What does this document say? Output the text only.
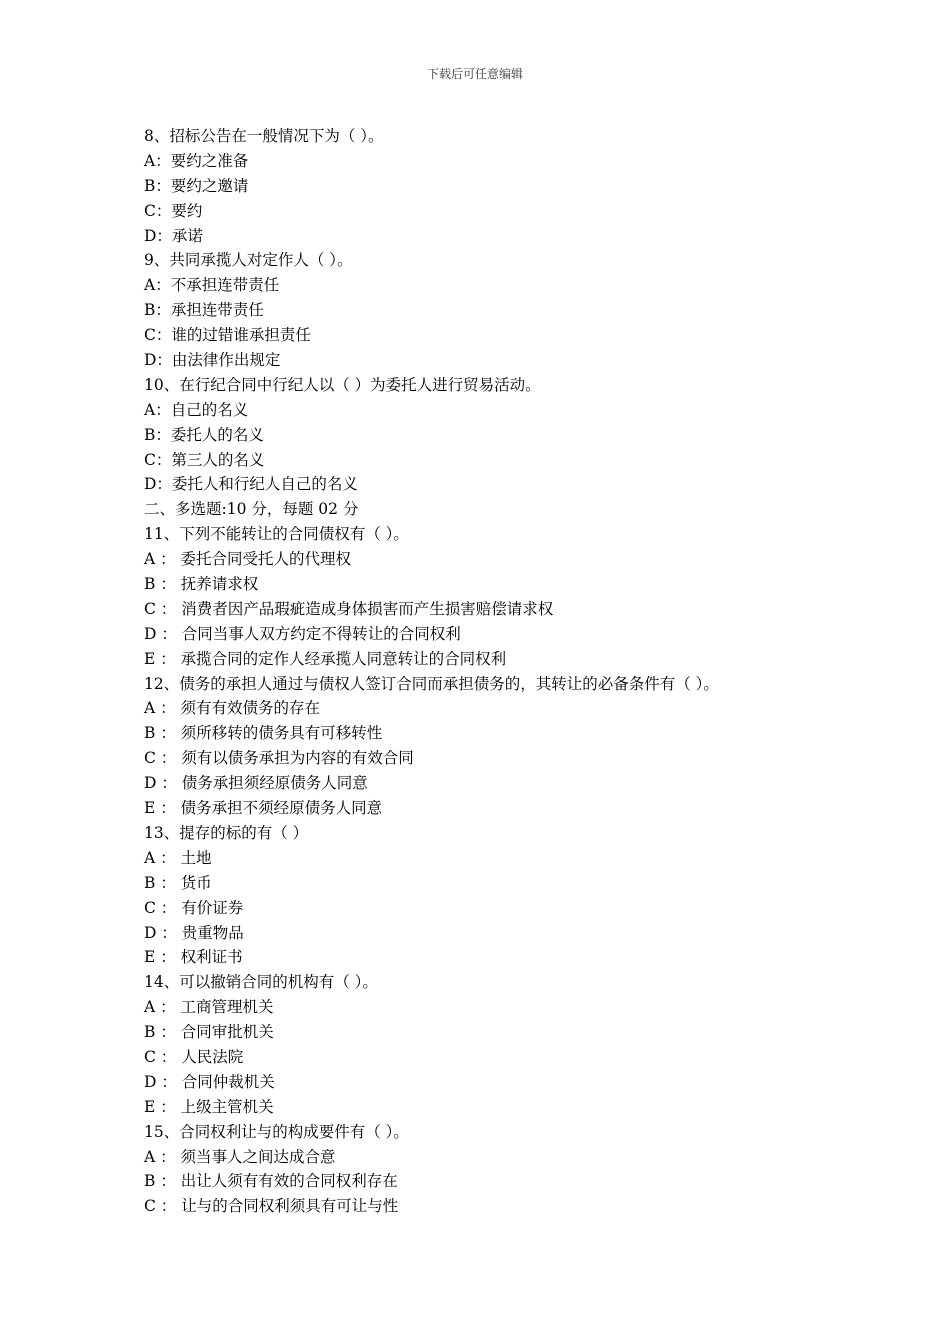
下载后可任意编辑
8、招标公告在一般情况下为（ ）。
A：要约之准备
B：要约之邀请
C：要约
D：承诺
9、共同承揽人对定作人（ ）。
A：不承担连带责任
B：承担连带责任
C：谁的过错谁承担责任
D：由法律作出规定
10、在行纪合同中行纪人以（ ）为委托人进行贸易活动。
A：自己的名义
B：委托人的名义
C：第三人的名义
D：委托人和行纪人自己的名义
二、多选题:10 分，每题 02 分
11、下列不能转让的合同债权有（ ）。
A ： 委托合同受托人的代理权
B ： 抚养请求权
C ： 消费者因产品瑕疵造成身体损害而产生损害赔偿请求权
D ： 合同当事人双方约定不得转让的合同权利
E ： 承揽合同的定作人经承揽人同意转让的合同权利
12、债务的承担人通过与债权人签订合同而承担债务的，其转让的必备条件有（ ）。
A ： 须有有效债务的存在
B ： 须所移转的债务具有可移转性
C ： 须有以债务承担为内容的有效合同
D ： 债务承担须经原债务人同意
E ： 债务承担不须经原债务人同意
13、提存的标的有（ ）
A ： 土地
B ： 货币
C ： 有价证券
D ： 贵重物品
E ： 权利证书
14、可以撤销合同的机构有（ ）。
A ： 工商管理机关
B ： 合同审批机关
C ： 人民法院
D ： 合同仲裁机关
E ： 上级主管机关
15、合同权利让与的构成要件有（ ）。
A ： 须当事人之间达成合意
B ： 出让人须有有效的合同权利存在
C ： 让与的合同权利须具有可让与性
